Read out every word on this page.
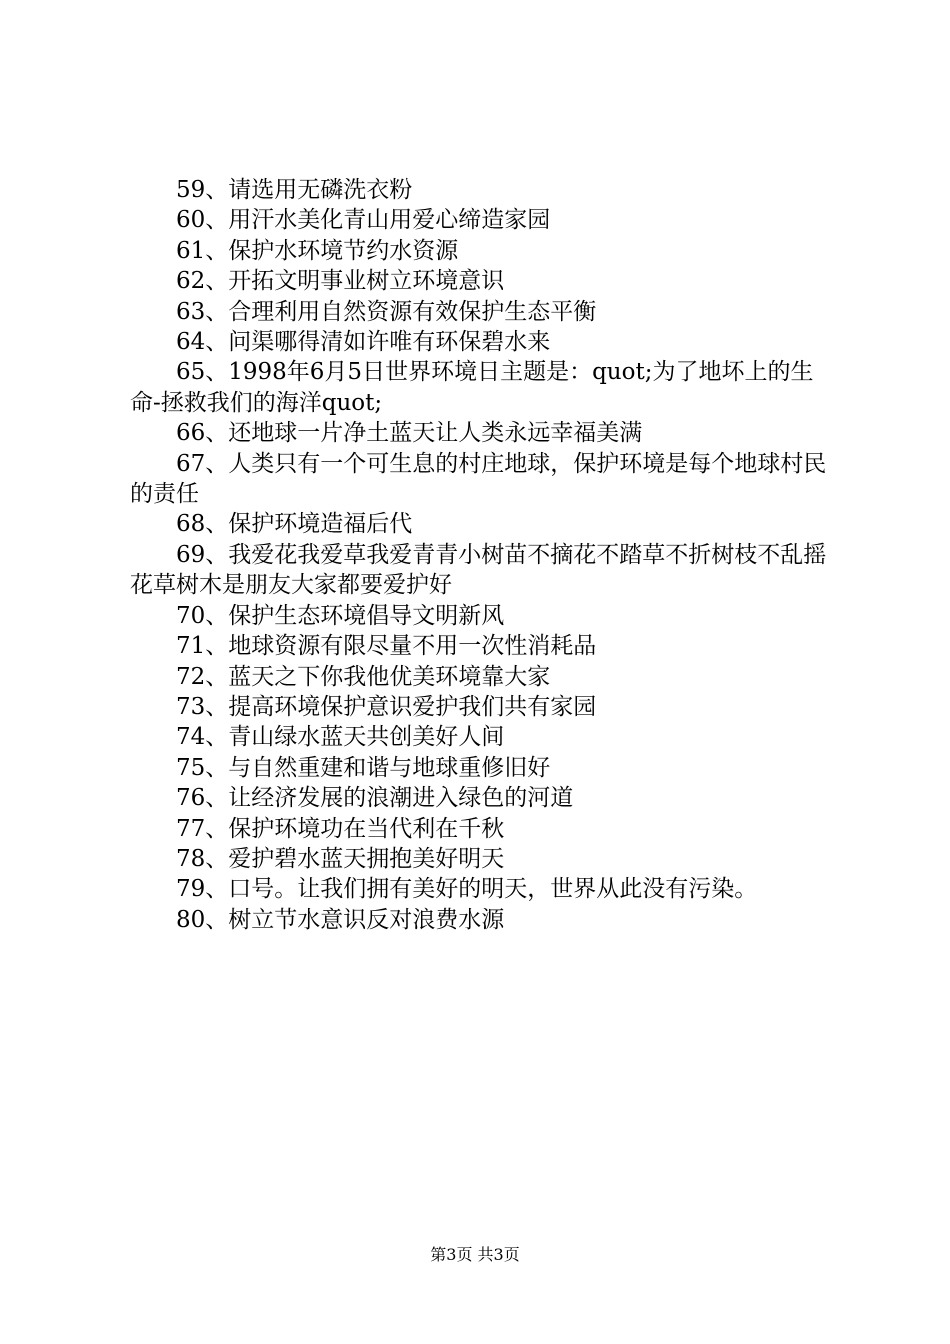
59、请选用无磷洗衣粉

60、用汗水美化青山用爱心缔造家园

61、保护水环境节约水资源

62、开拓文明事业树立环境意识

63、合理利用自然资源有效保护生态平衡

64、问渠哪得清如许唯有环保碧水来

65、1998年6月5日世界环境日主题是：quot;为了地坏上的生命-拯救我们的海洋quot;

66、还地球一片净土蓝天让人类永远幸福美满

67、人类只有一个可生息的村庄地球，保护环境是每个地球村民的责任

68、保护环境造福后代

69、我爱花我爱草我爱青青小树苗不摘花不踏草不折树枝不乱摇花草树木是朋友大家都要爱护好

70、保护生态环境倡导文明新风

71、地球资源有限尽量不用一次性消耗品

72、蓝天之下你我他优美环境靠大家

73、提高环境保护意识爱护我们共有家园

74、青山绿水蓝天共创美好人间

75、与自然重建和谐与地球重修旧好

76、让经济发展的浪潮进入绿色的河道

77、保护环境功在当代利在千秋

78、爱护碧水蓝天拥抱美好明天

79、口号。让我们拥有美好的明天，世界从此没有污染。

80、树立节水意识反对浪费水源

第3页 共3页
